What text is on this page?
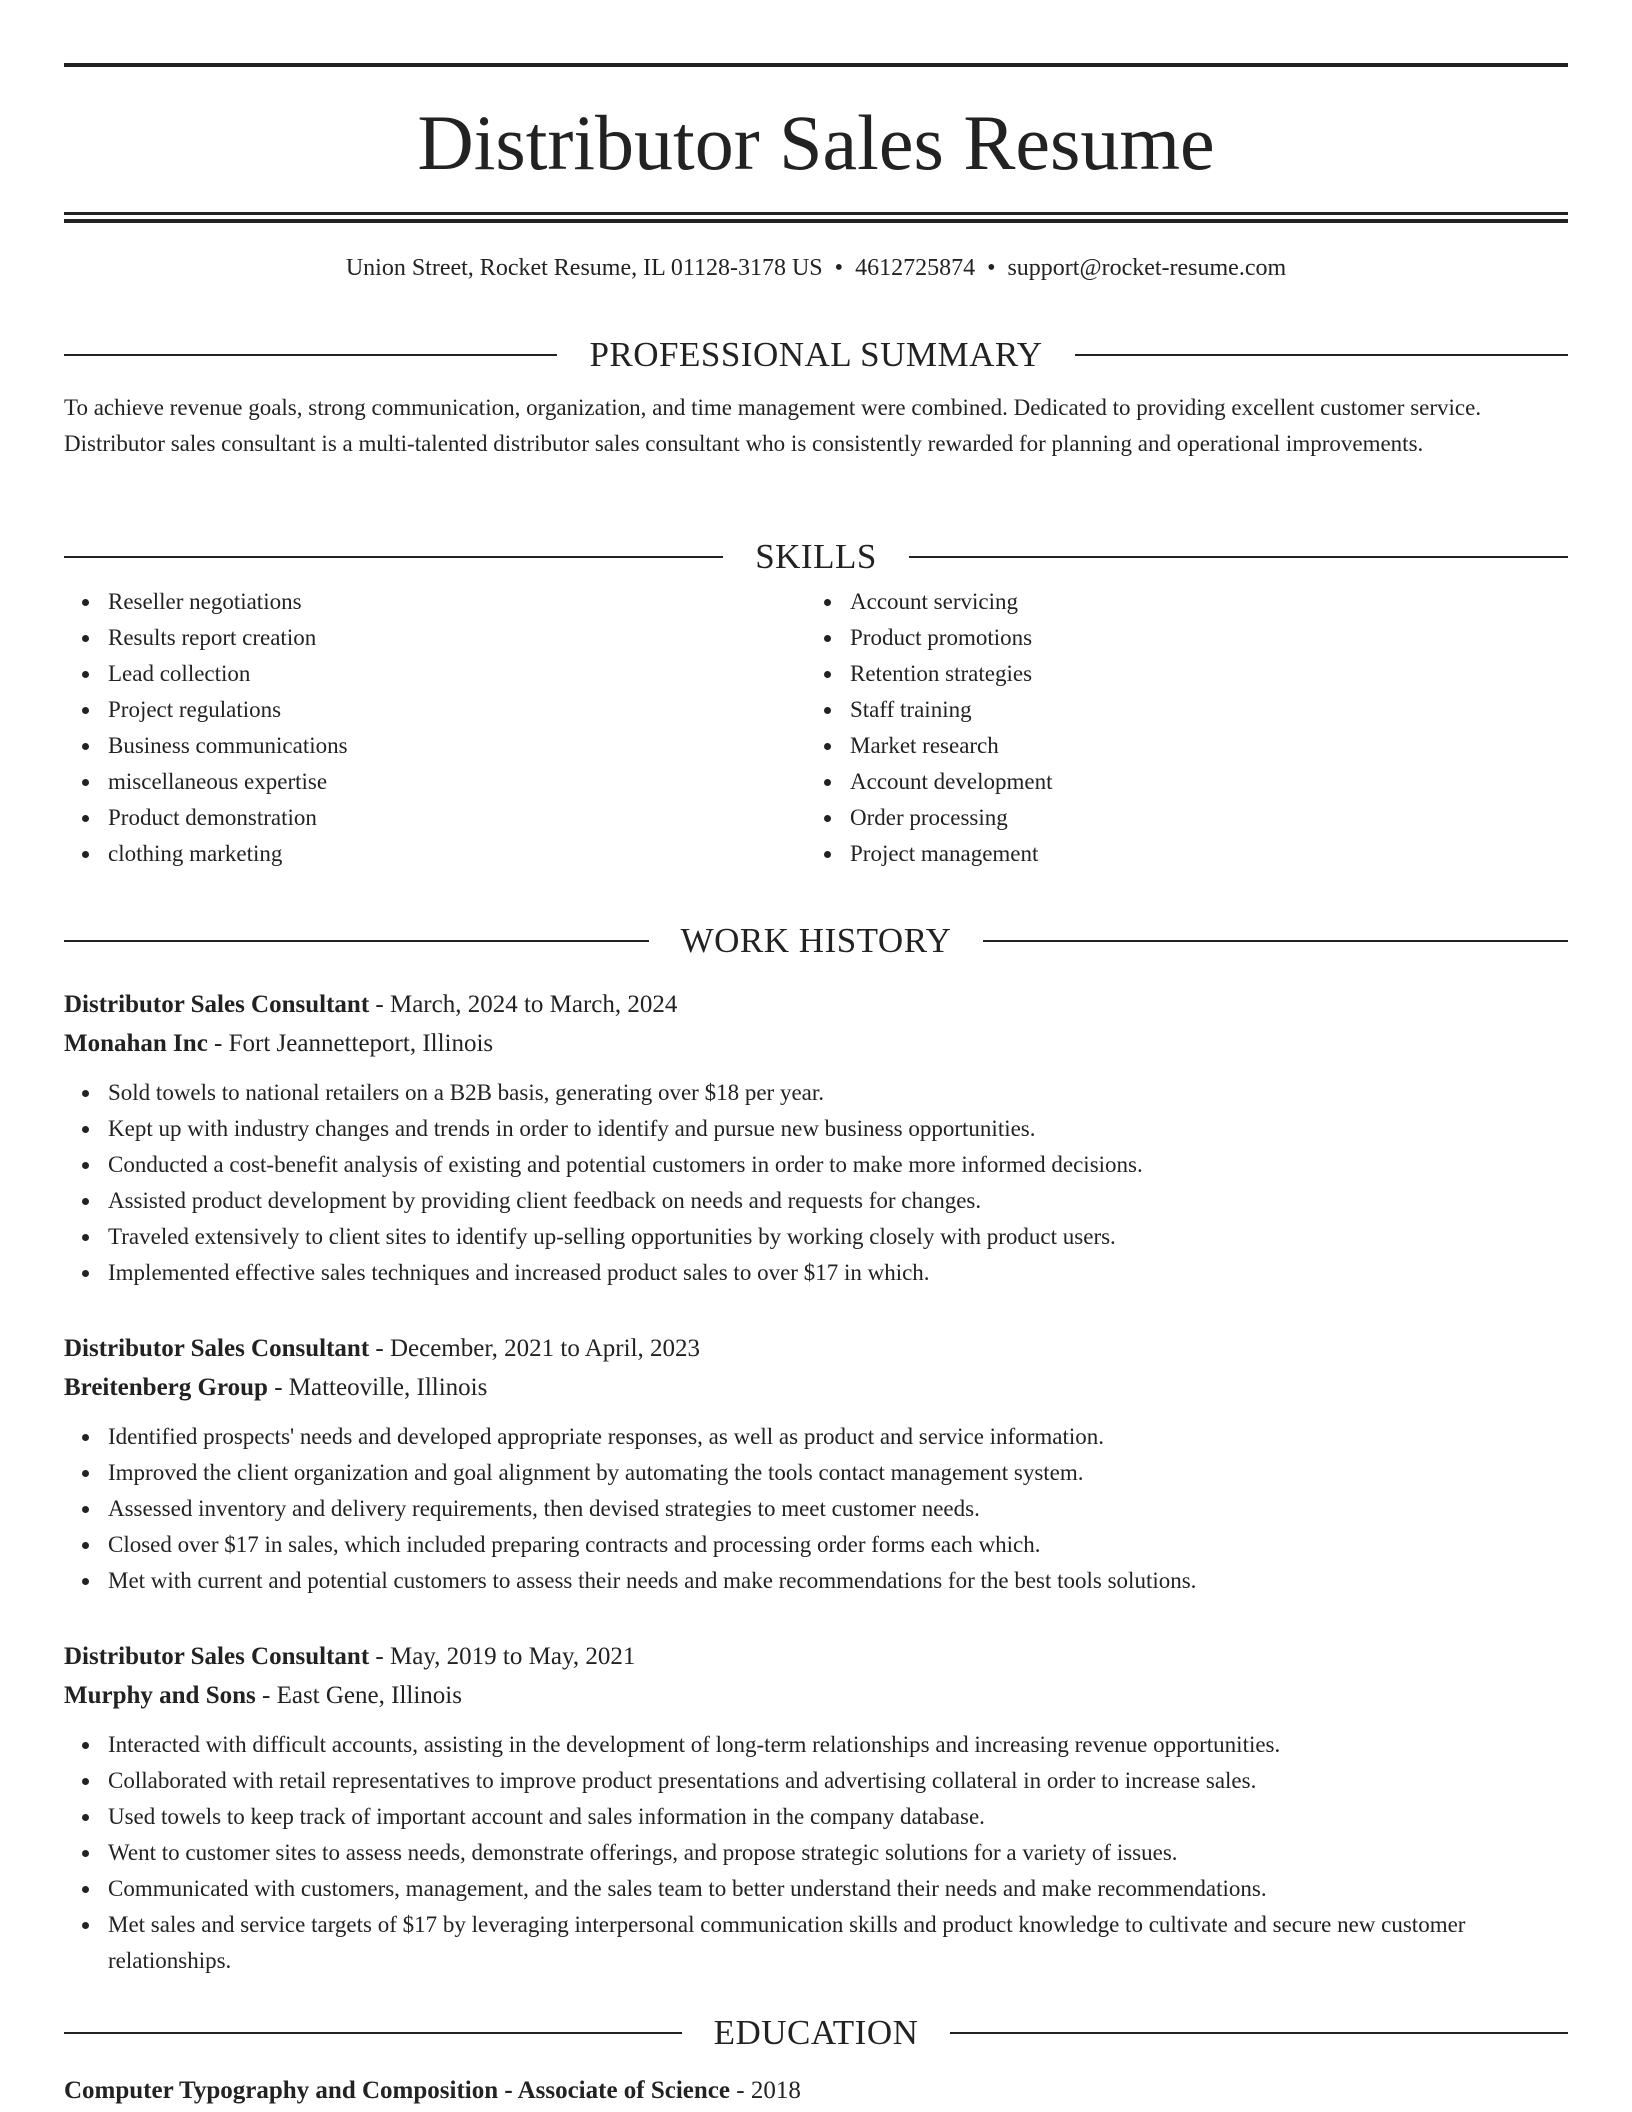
Distributor Sales Resume
Union Street, Rocket Resume, IL 01128-3178 US • 4612725874 • support@rocket-resume.com
PROFESSIONAL SUMMARY

To achieve revenue goals, strong communication, organization, and time management were combined. Dedicated to providing excellent customer service. Distributor sales consultant is a multi-talented distributor sales consultant who is consistently rewarded for planning and operational improvements.

SKILLS
Reseller negotiations
Results report creation
Lead collection
Project regulations
Business communications
miscellaneous expertise
Product demonstration
clothing marketing
Account servicing
Product promotions
Retention strategies
Staff training
Market research
Account development
Order processing
Project management
WORK HISTORY
Distributor Sales Consultant - March, 2024 to March, 2024
Monahan Inc - Fort Jeannetteport, Illinois
Sold towels to national retailers on a B2B basis, generating over $18 per year.
Kept up with industry changes and trends in order to identify and pursue new business opportunities.
Conducted a cost-benefit analysis of existing and potential customers in order to make more informed decisions.
Assisted product development by providing client feedback on needs and requests for changes.
Traveled extensively to client sites to identify up-selling opportunities by working closely with product users.
Implemented effective sales techniques and increased product sales to over $17 in which.
Distributor Sales Consultant - December, 2021 to April, 2023
Breitenberg Group - Matteoville, Illinois
Identified prospects' needs and developed appropriate responses, as well as product and service information.
Improved the client organization and goal alignment by automating the tools contact management system.
Assessed inventory and delivery requirements, then devised strategies to meet customer needs.
Closed over $17 in sales, which included preparing contracts and processing order forms each which.
Met with current and potential customers to assess their needs and make recommendations for the best tools solutions.
Distributor Sales Consultant - May, 2019 to May, 2021
Murphy and Sons - East Gene, Illinois
Interacted with difficult accounts, assisting in the development of long-term relationships and increasing revenue opportunities.
Collaborated with retail representatives to improve product presentations and advertising collateral in order to increase sales.
Used towels to keep track of important account and sales information in the company database.
Went to customer sites to assess needs, demonstrate offerings, and propose strategic solutions for a variety of issues.
Communicated with customers, management, and the sales team to better understand their needs and make recommendations.
Met sales and service targets of $17 by leveraging interpersonal communication skills and product knowledge to cultivate and secure new customer relationships.
EDUCATION
Computer Typography and Composition - Associate of Science - 2018
